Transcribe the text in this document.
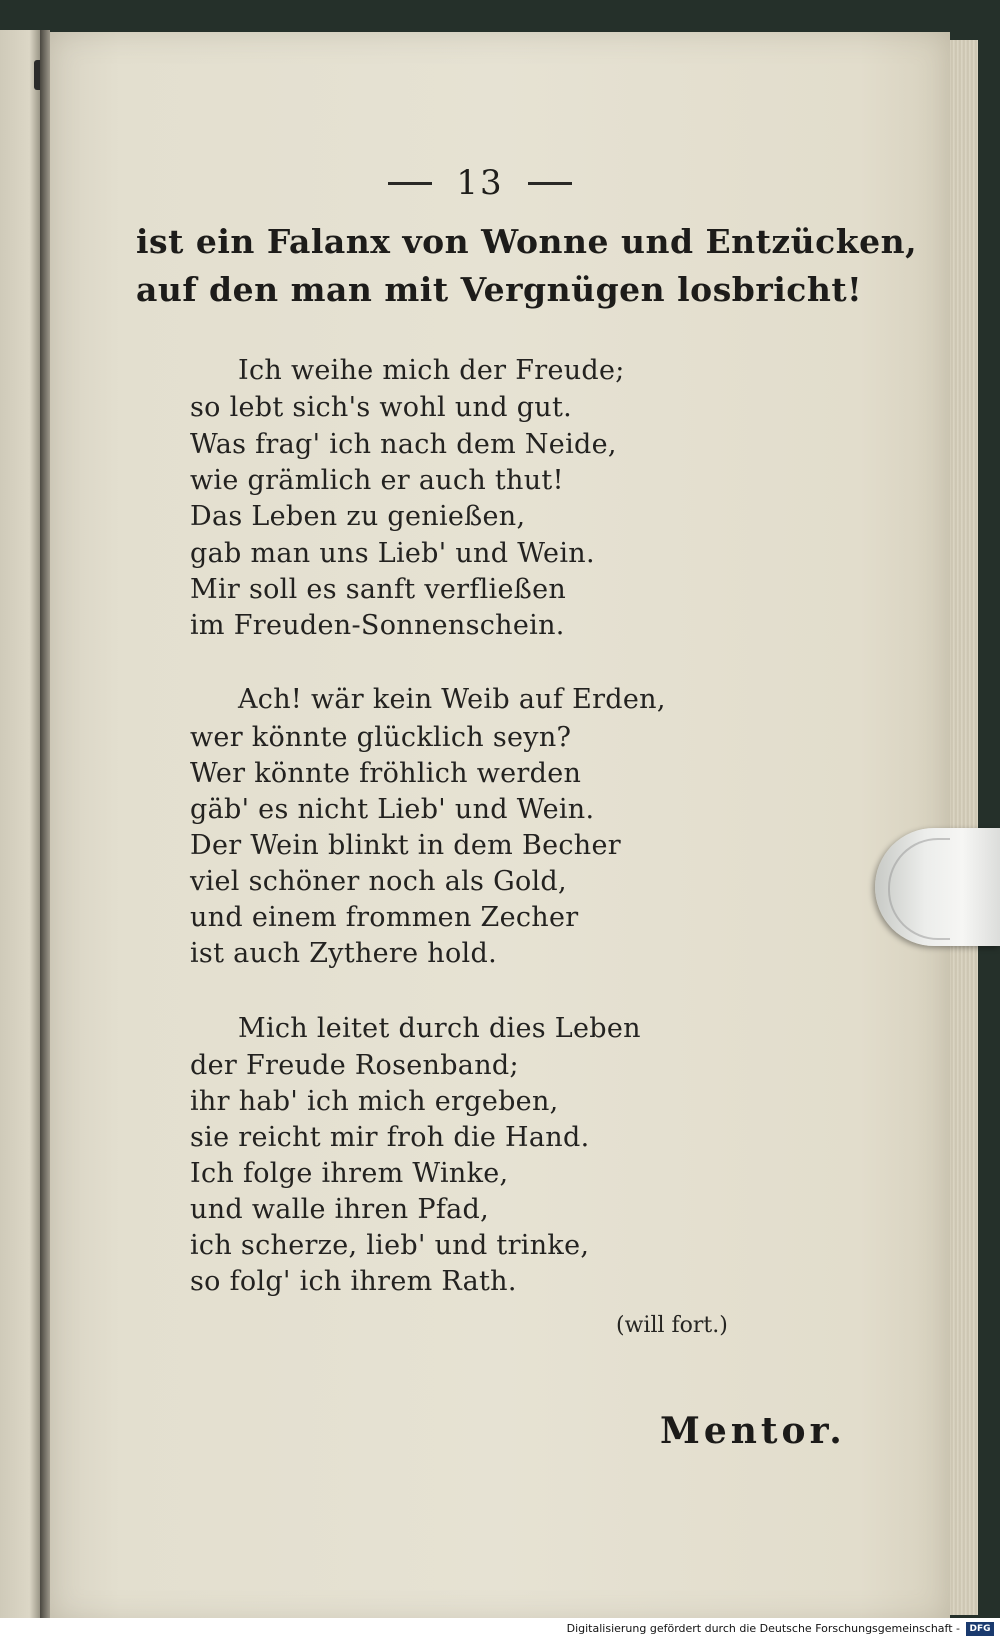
13
ist ein Falanx von Wonne und Entzücken,
auf den man mit Vergnügen losbricht!
Ich weihe mich der Freude;
so lebt sich's wohl und gut.
Was frag' ich nach dem Neide,
wie grämlich er auch thut!
Das Leben zu genießen,
gab man uns Lieb' und Wein.
Mir soll es sanft verfließen
im Freuden-Sonnenschein.
Ach! wär kein Weib auf Erden,
wer könnte glücklich seyn?
Wer könnte fröhlich werden
gäb' es nicht Lieb' und Wein.
Der Wein blinkt in dem Becher
viel schöner noch als Gold,
und einem frommen Zecher
ist auch Zythere hold.
Mich leitet durch dies Leben
der Freude Rosenband;
ihr hab' ich mich ergeben,
sie reicht mir froh die Hand.
Ich folge ihrem Winke,
und walle ihren Pfad,
ich scherze, lieb' und trinke,
so folg' ich ihrem Rath.
(will fort.)
Mentor.
Digitalisierung gefördert durch die Deutsche Forschungsgemeinschaft -	DFG
